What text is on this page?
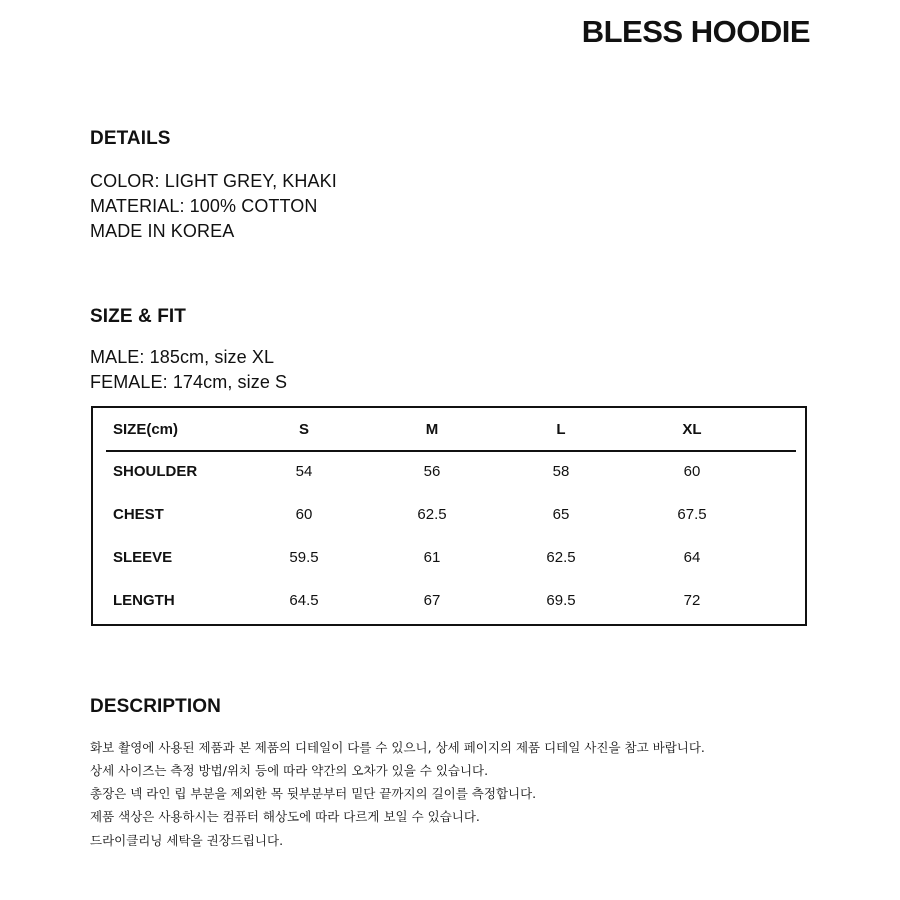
BLESS HOODIE
DETAILS

COLOR: LIGHT GREY, KHAKI

MATERIAL: 100% COTTON

MADE IN KOREA

SIZE & FIT

MALE: 185cm, size XL

FEMALE: 174cm, size S

SIZE(cm)	S	M	L	XL
SHOULDER	54	56	58	60
CHEST	60	62.5	65	67.5
SLEEVE	59.5	61	62.5	64
LENGTH	64.5	67	69.5	72
DESCRIPTION

화보 촬영에 사용된 제품과 본 제품의 디테일이 다를 수 있으니, 상세 페이지의 제품 디테일 사진을 참고 바랍니다.

상세 사이즈는 측정 방법/위치 등에 따라 약간의 오차가 있을 수 있습니다.

총장은 넥 라인 립 부분을 제외한 목 뒷부분부터 밑단 끝까지의 길이를 측정합니다.

제품 색상은 사용하시는 컴퓨터 해상도에 따라 다르게 보일 수 있습니다.

드라이클리닝 세탁을 권장드립니다.
